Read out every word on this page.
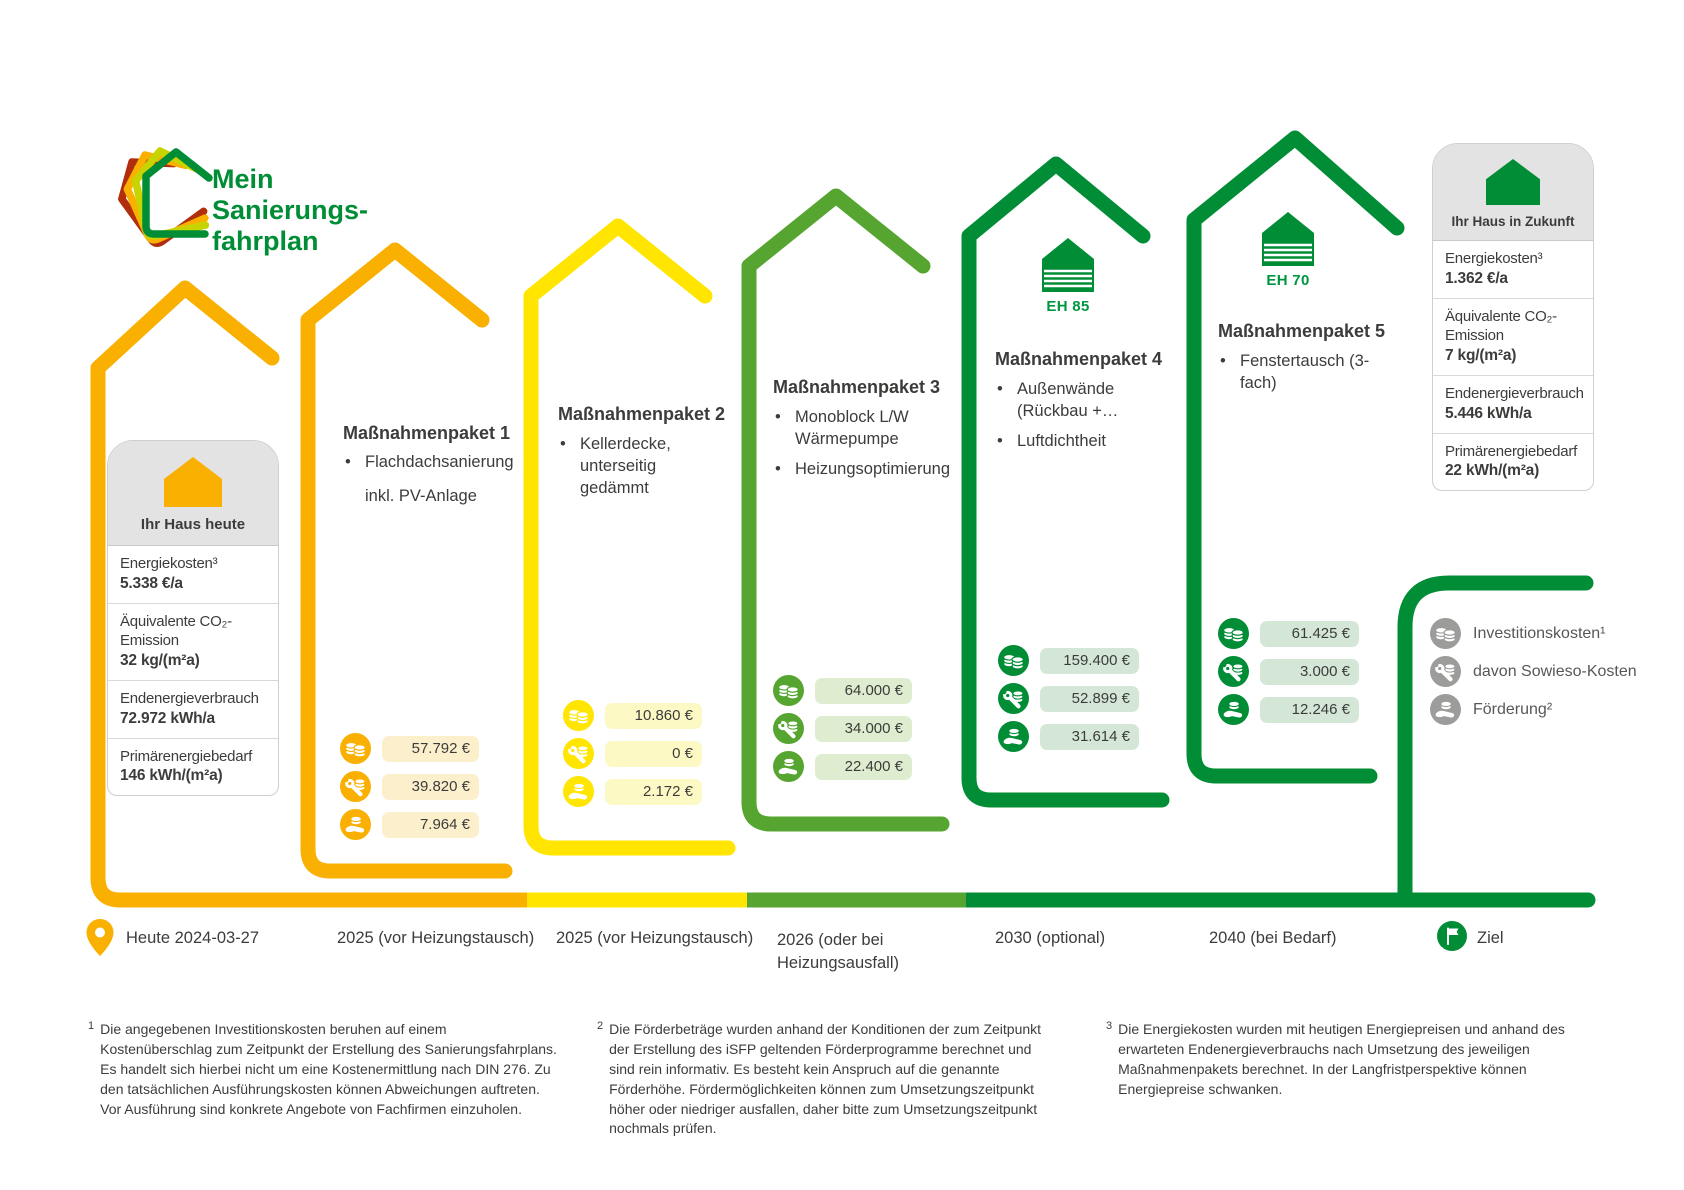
Mein
Sanierungs-
fahrplan
Ihr Haus heute
Energiekosten³
5.338 €/a
Äquivalente CO₂-Emission
32 kg/(m²a)
Endenergieverbrauch
72.972 kWh/a
Primärenergiebedarf
146 kWh/(m²a)
Ihr Haus in Zukunft
Energiekosten³
1.362 €/a
Äquivalente CO₂-Emission
7 kg/(m²a)
Endenergieverbrauch
5.446 kWh/a
Primärenergiebedarf
22 kWh/(m²a)
Maßnahmenpaket 1
• Flachdachsanierung
inkl. PV-Anlage
57.792 €
39.820 €
7.964 €
Maßnahmenpaket 2
• Kellerdecke,
unterseitig gedämmt
10.860 €
0 €
2.172 €
Maßnahmenpaket 3
• Monoblock L/W
Wärmepumpe
• Heizungsoptimierung
64.000 €
34.000 €
22.400 €
EH 85
Maßnahmenpaket 4
• Außenwände
(Rückbau +…
• Luftdichtheit
159.400 €
52.899 €
31.614 €
EH 70
Maßnahmenpaket 5
• Fenstertausch (3-
fach)
61.425 €
3.000 €
12.246 €
Investitionskosten¹
davon Sowieso-Kosten
Förderung²
Heute 2024-03-27	2025 (vor Heizungstausch) 2025 (vor Heizungstausch) 2026 (oder bei Heizungsausfall)
2030 (optional)	2040 (bei Bedarf)	Ziel
1 Die angegebenen Investitionskosten beruhen auf einem Kostenüberschlag zum Zeitpunkt der Erstellung des Sanierungsfahrplans. Es handelt sich hierbei nicht um eine Kostenermittlung nach DIN 276. Zu den tatsächlichen Ausführungskosten können Abweichungen auftreten. Vor Ausführung sind konkrete Angebote von Fachfirmen einzuholen.
2 Die Förderbeträge wurden anhand der Konditionen der zum Zeitpunkt der Erstellung des iSFP geltenden Förderprogramme berechnet und sind rein informativ. Es besteht kein Anspruch auf die genannte Förderhöhe. Fördermöglichkeiten können zum Umsetzungszeitpunkt höher oder niedriger ausfallen, daher bitte zum Umsetzungszeitpunkt nochmals prüfen.
3 Die Energiekosten wurden mit heutigen Energiepreisen und anhand des erwarteten Endenergieverbrauchs nach Umsetzung des jeweiligen Maßnahmenpakets berechnet. In der Langfristperspektive können Energiepreise schwanken.
